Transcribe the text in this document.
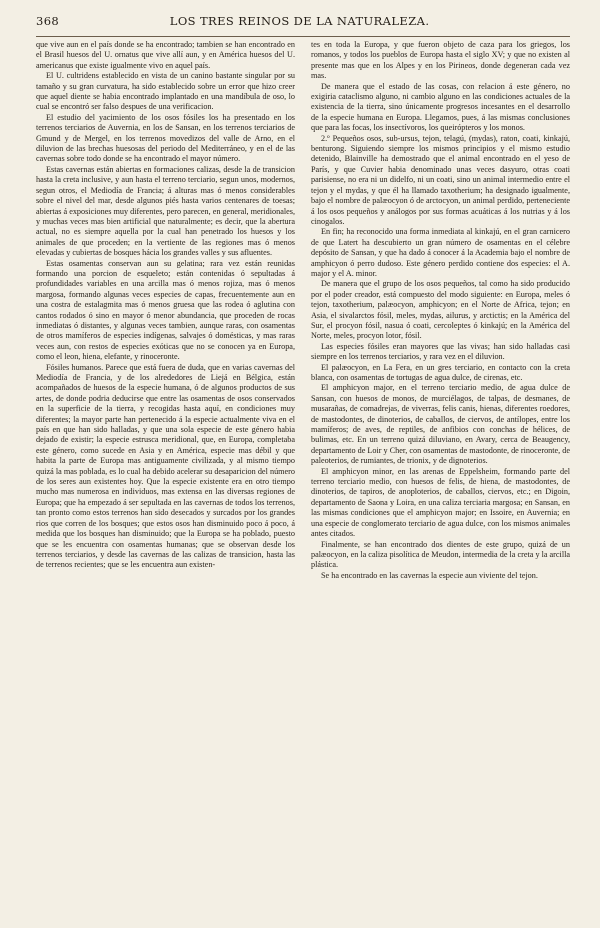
368	LOS TRES REINOS DE LA NATURALEZA.

que vive aun en el país donde se ha encontrado; tambien se han encontrado en el Brasil huesos del U. ornatus que vive allí aun, y en América huesos del U. americanus que existe igualmente vivo en aquel país.

El U. cultridens establecido en vista de un canino bastante singular por su tamaño y su gran curvatura, ha sido establecido sobre un error que hizo creer que aquel diente se habia encontrado implantado en una mandíbula de oso, lo cual se encontró ser falso despues de una verificacion.

El estudio del yacimiento de los osos fósiles los ha presentado en los terrenos terciarios de Auvernia, en los de Sansan, en los terrenos terciarios de Gmund y de Mergel, en los terrenos movedizos del valle de Arno, en el diluvion de las brechas huesosas del periodo del Mediterráneo, y en el de las cavernas sobre todo donde se ha encontrado el mayor número.

Estas cavernas están abiertas en formaciones calizas, desde la de transicion hasta la creta inclusive, y aun hasta el terreno terciario, segun unos, modernos, segun otros, el Mediodía de Francia; á alturas mas ó menos considerables sobre el nivel del mar, desde algunos piés hasta varios centenares de toesas; abiertas á exposiciones muy diferentes, pero parecen, en general, meridionales, y muchas veces mas bien artificial que naturalmente; es decir, que la abertura actual, no es siempre aquella por la cual han penetrado los huesos y los animales de que proceden; en la vertiente de las regiones mas ó menos elevadas y cubiertas de bosques hácia los grandes valles y sus afluentes.

Estas osamentas conservan aun su gelatina; rara vez están reunidas formando una porcion de esqueleto; están contenidas ó sepultadas á profundidades variables en una arcilla mas ó menos rojiza, mas ó menos margosa, formando algunas veces especies de capas, frecuentemente aun en una costra de estalagmita mas ó menos gruesa que las rodea ó aglutina con cantos rodados ó sino en mayor ó menor abundancia, que proceden de rocas inmediatas ó distantes, y algunas veces tambien, aunque raras, con osamentas de otros mamíferos de especies indígenas, salvajes ó domésticas, y mas raras veces aun, con restos de especies exóticas que no se conocen ya en Europa, como el leon, hiena, elefante, y rinoceronte.

Fósiles humanos. Parece que está fuera de duda, que en varias cavernas del Mediodía de Francia, y de los alrededores de Liejá en Bélgica, están acompañados de huesos de la especie humana, ó de algunos productos de sus artes, de donde podria deducirse que entre las osamentas de osos conservados en la superficie de la tierra, y recogidas hasta aquí, en condiciones muy diferentes; la mayor parte han pertenecido á la especie actualmente viva en el país en que han sido halladas, y que una sola especie de este género habia dejado de existir; la especie estrusca meridional, que, en Europa, completaba este género, como sucede en Asia y en América, especie mas débil y que habita la parte de Europa mas antiguamente civilizada, y al mismo tiempo quizá la mas poblada, es lo cual ha debido acelerar su desaparicion del número de los seres aun existentes hoy. Que la especie existente era en otro tiempo mucho mas numerosa en individuos, mas extensa en las diversas regiones de Europa; que ha empezado á ser sepultada en las cavernas de todos los terrenos, tan pronto como estos terrenos han sido desecados y surcados por los grandes rios que corren de los bosques; que estos osos han disminuido poco á poco, á medida que los bosques han disminuido; que la Europa se ha poblado, puesto que se les encuentra con osamentas humanas; que se observan desde los terrenos terciarios, y desde las cavernas de las calizas de transicion, hasta las de terrenos recientes; que se les encuentra aun existen-

tes en toda la Europa, y que fueron objeto de caza para los griegos, los romanos, y todos los pueblos de Europa hasta el siglo XV; y que no existen al presente mas que en los Alpes y en los Pirineos, donde degeneran cada vez mas.

De manera que el estado de las cosas, con relacion á este género, no exigiria cataclismo alguno, ni cambio alguno en las condiciones actuales de la existencia de la tierra, sino únicamente progresos incesantes en el desarrollo de la especie humana en Europa. Llegamos, pues, á las mismas conclusiones que para las focas, los insectívoros, los queirópteros y los monos.

2.º Pequeños osos, sub-ursus, tejon, telagú, (mydas), raton, coati, kinkajú, benturong. Siguiendo siempre los mismos principios y el mismo estudio detenido, Blainville ha demostrado que el animal encontrado en el yeso de París, y que Cuvier habia denominado unas veces dasyuro, otras coati parisiense, no era ni un didelfo, ni un coati, sino un animal intermedio entre el tejon y el mydas, y que él ha llamado taxotherium; ha designado igualmente, bajo el nombre de palæocyon ó de arctocyon, un animal perdido, perteneciente á los osos pequeños y análogos por sus formas acuáticas á los nutrias y á los cinogalos.

En fin; ha reconocido una forma inmediata al kinkajú, en el gran carnicero de que Latert ha descubierto un gran número de osamentas en el célebre depósito de Sansan, y que ha dado á conocer á la Academia bajo el nombre de amphicyon ó perro dudoso. Este género perdido contiene dos especies: el A. major y el A. minor.

De manera que el grupo de los osos pequeños, tal como ha sido producido por el poder creador, está compuesto del modo siguiente: en Europa, meles ó tejon, taxotherium, palæocyon, amphicyon; en el Norte de Africa, tejon; en Asia, el sivalarctos fósil, meles, mydas, ailurus, y arctictis; en la América del Sur, el procyon fósil, nasua ó coati, cercoleptes ó kinkajú; en la América del Norte, meles, procyon lotor, fósil.

Las especies fósiles eran mayores que las vivas; han sido halladas casi siempre en los terrenos terciarios, y rara vez en el diluvion.

El palæocyon, en La Fera, en un gres terciario, en contacto con la creta blanca, con osamentas de tortugas de agua dulce, de cirenas, etc.

El amphicyon major, en el terreno terciario medio, de agua dulce de Sansan, con huesos de monos, de murciélagos, de talpas, de desmanes, de musarañas, de comadrejas, de viverras, felis canis, hienas, diferentes roedores, de mastodontes, de dinoterios, de caballos, de ciervos, de antílopes, entre los mamíferos; de aves, de reptiles, de anfibios con conchas de hélices, de bulimas, etc. En un terreno quizá diluviano, en Avary, cerca de Beaugency, departamento de Loir y Cher, con osamentas de mastodonte, de rinoceronte, de paleoterios, de rumiantes, de trionix, y de dignoterios.

El amphicyon minor, en las arenas de Eppelsheim, formando parte del terreno terciario medio, con huesos de felis, de hiena, de mastodontes, de dinoterios, de tapiros, de anoploterios, de caballos, ciervos, etc.; en Digoin, departamento de Saona y Loira, en una caliza terciaria margosa; en Sansan, en las mismas condiciones que el amphicyon major; en Issoire, en Auvernia; en una especie de conglomerato terciario de agua dulce, con los mismos animales antes citados.

Finalmente, se han encontrado dos dientes de este grupo, quizá de un palæocyon, en la caliza pisolítica de Meudon, intermedia de la creta y la arcilla plástica.

Se ha encontrado en las cavernas la especie aun viviente del tejon.
